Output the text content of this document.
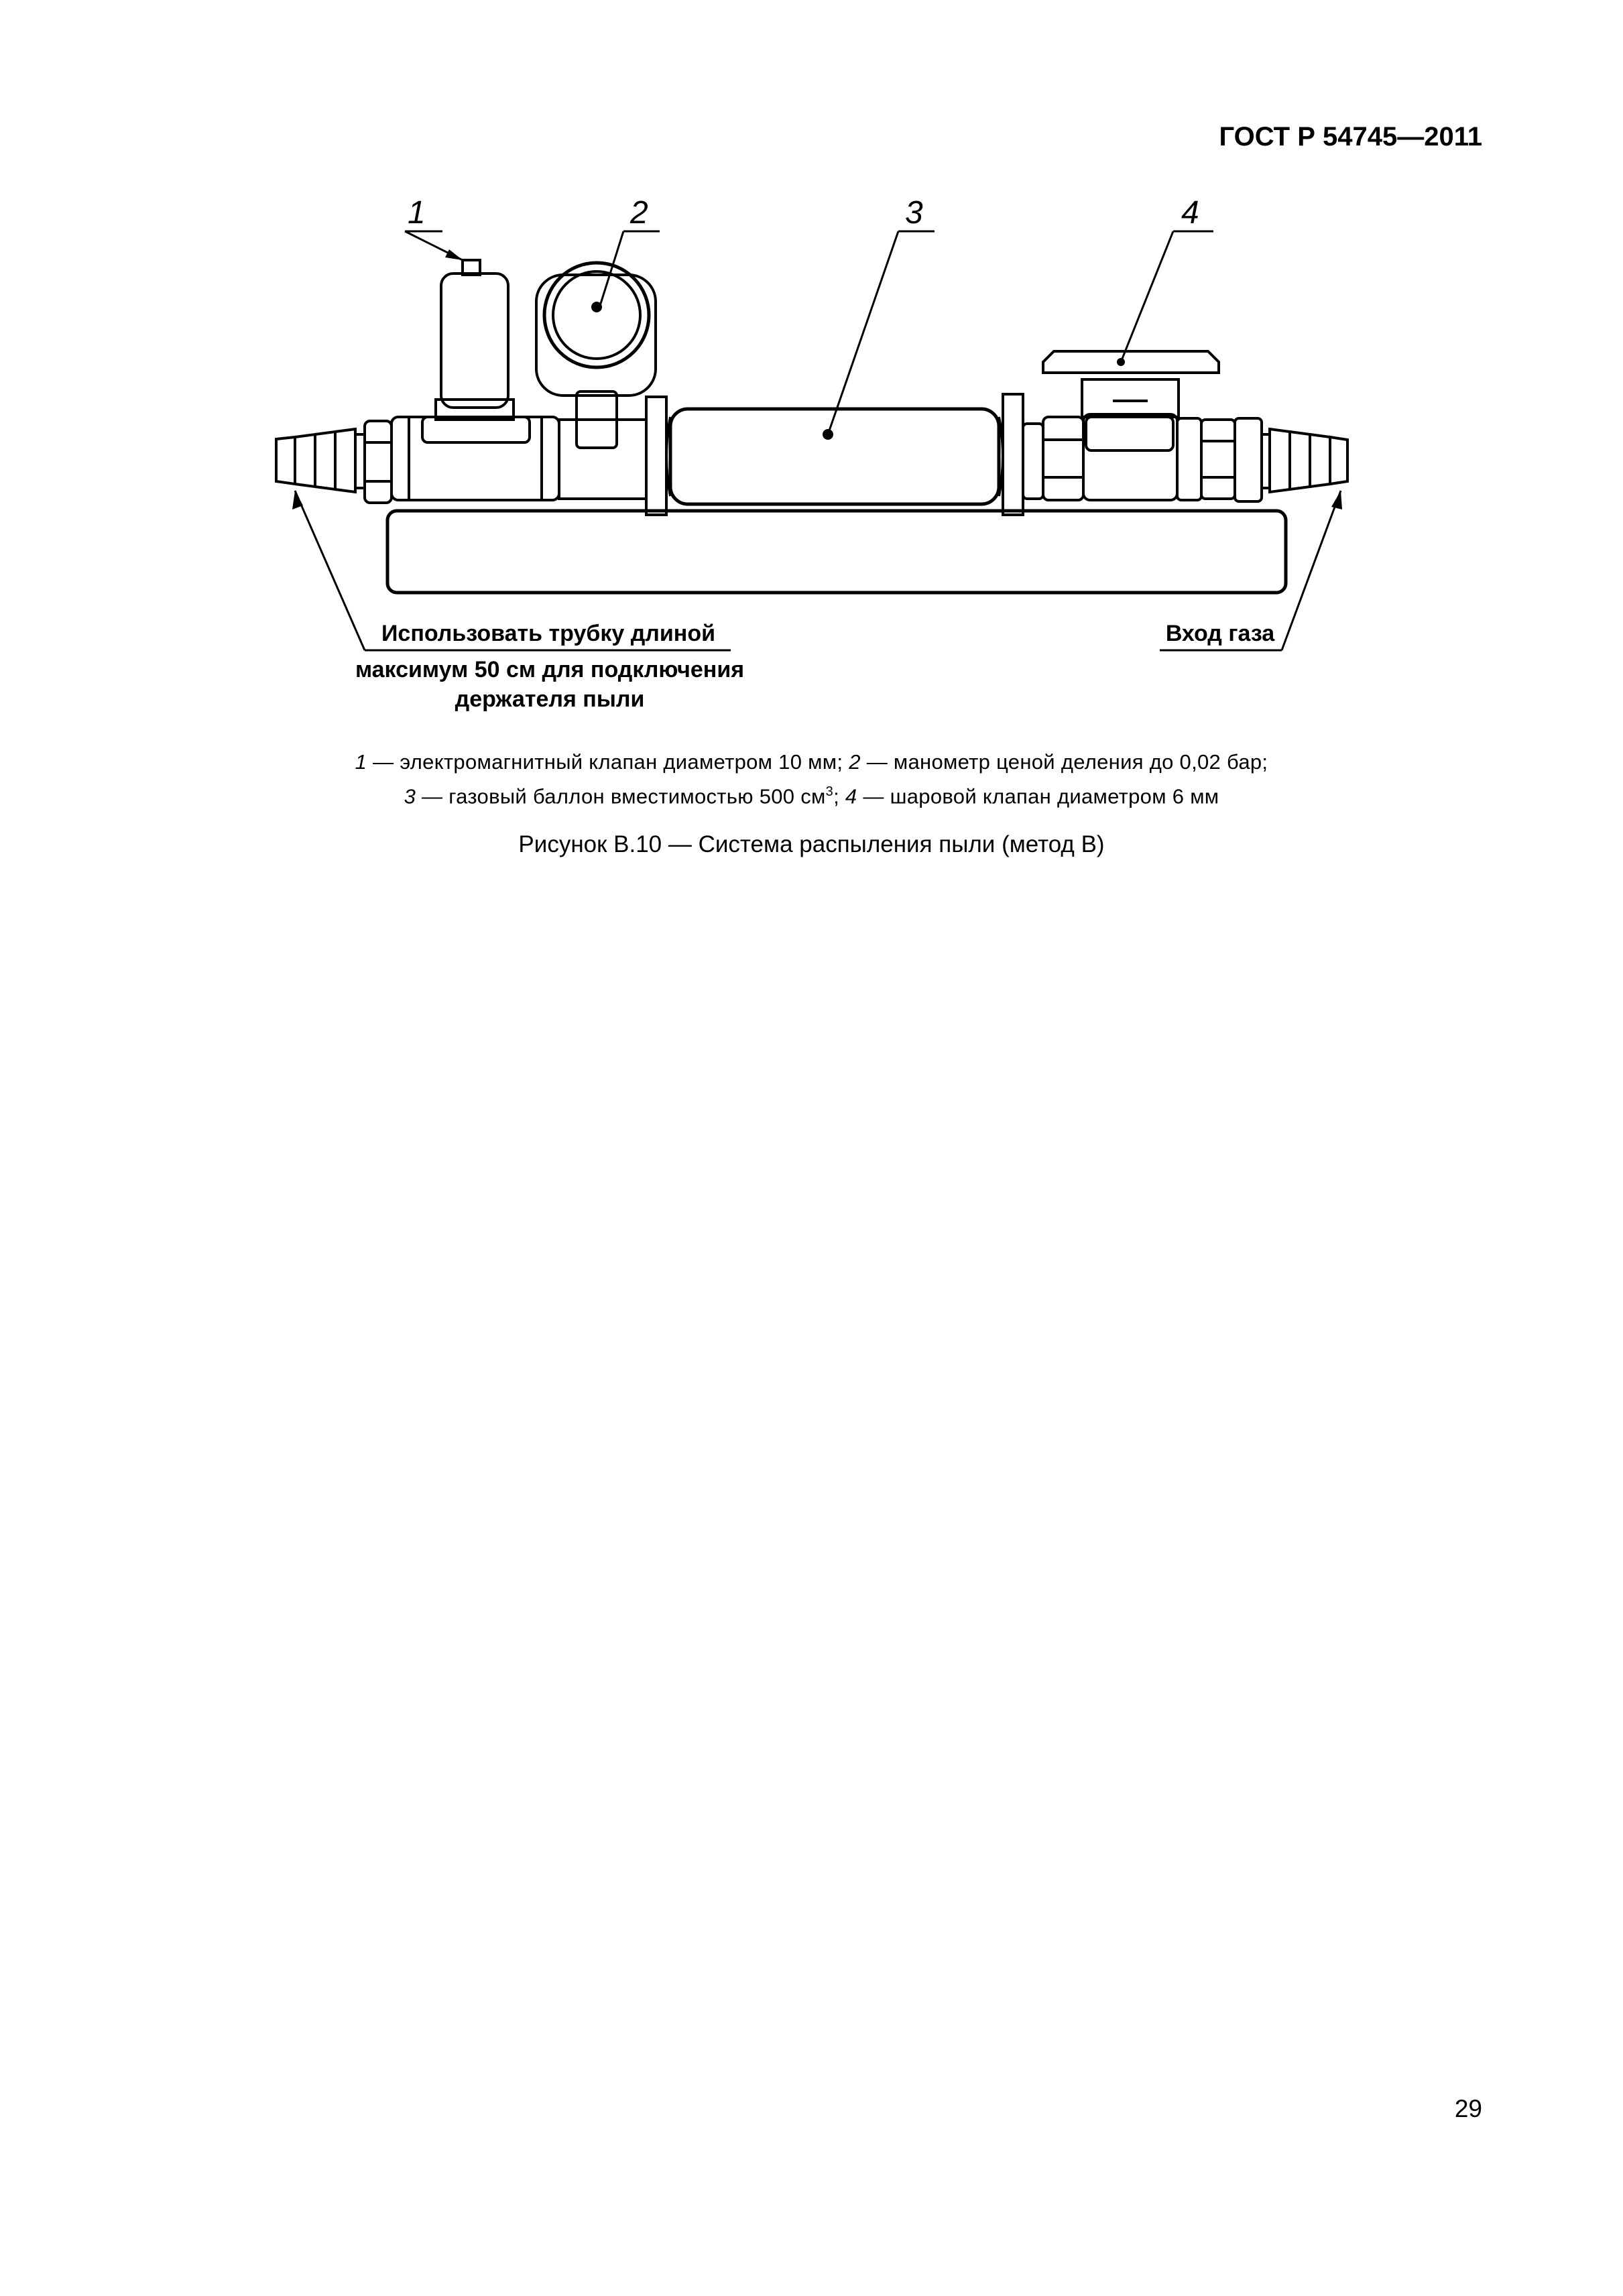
ГОСТ Р 54745—2011
1	2	3	4
Использовать трубку длиной
максимум 50 см для подключения
держателя пыли
Вход газа
1 — электромагнитный клапан диаметром 10 мм; 2 — манометр ценой деления до 0,02 бар;
3 — газовый баллон вместимостью 500 $см^3$; 4 — шаровой клапан диаметром 6 мм
Рисунок В.10 — Система распыления пыли (метод В)
29
